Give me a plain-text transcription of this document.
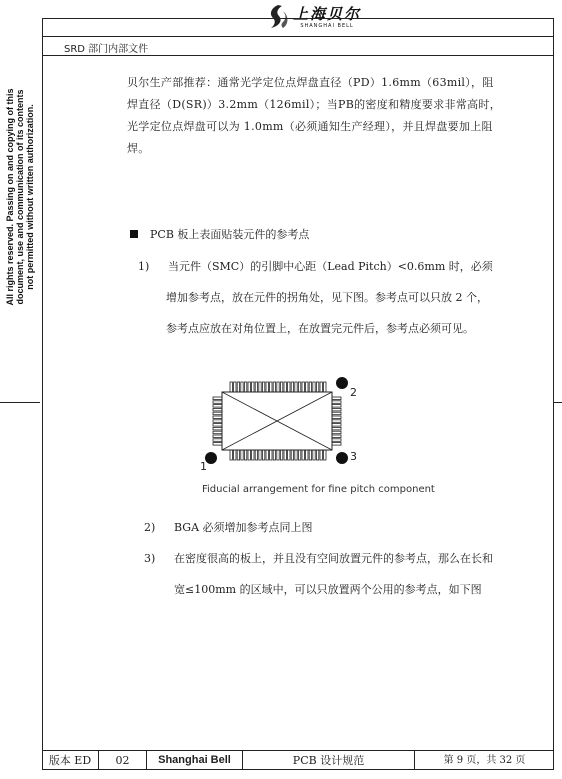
上海贝尔
SHANGHAI BELL
SRD 部门内部文件
All rights reserved. Passing on and copying of this document, use and communication of its contents not permitted without written authorization.

贝尔生产部推荐：通常光学定位点焊盘直径（PD）1.6mm（63mil），阻

焊直径（D(SR)）3.2mm（126mil）；当PB的密度和精度要求非常高时，

光学定位点焊盘可以为 1.0mm（必须通知生产经理），并且焊盘要加上阻

焊。

PCB 板上表面贴装元件的参考点
1) 当元件（SMC）的引脚中心距（Lead Pitch）<0.6mm 时，必须
增加参考点，放在元件的拐角处，见下图。参考点可以只放 2 个，
参考点应放在对角位置上，在放置完元件后，参考点必须可见。
1
2
3
Fiducial arrangement for fine pitch component
2) BGA 必须增加参考点同上图
3) 在密度很高的板上，并且没有空间放置元件的参考点，那么在长和
宽≤100mm 的区域中，可以只放置两个公用的参考点，如下图
版本 ED	02	Shanghai Bell	PCB 设计规范	第 9 页，共 32 页
